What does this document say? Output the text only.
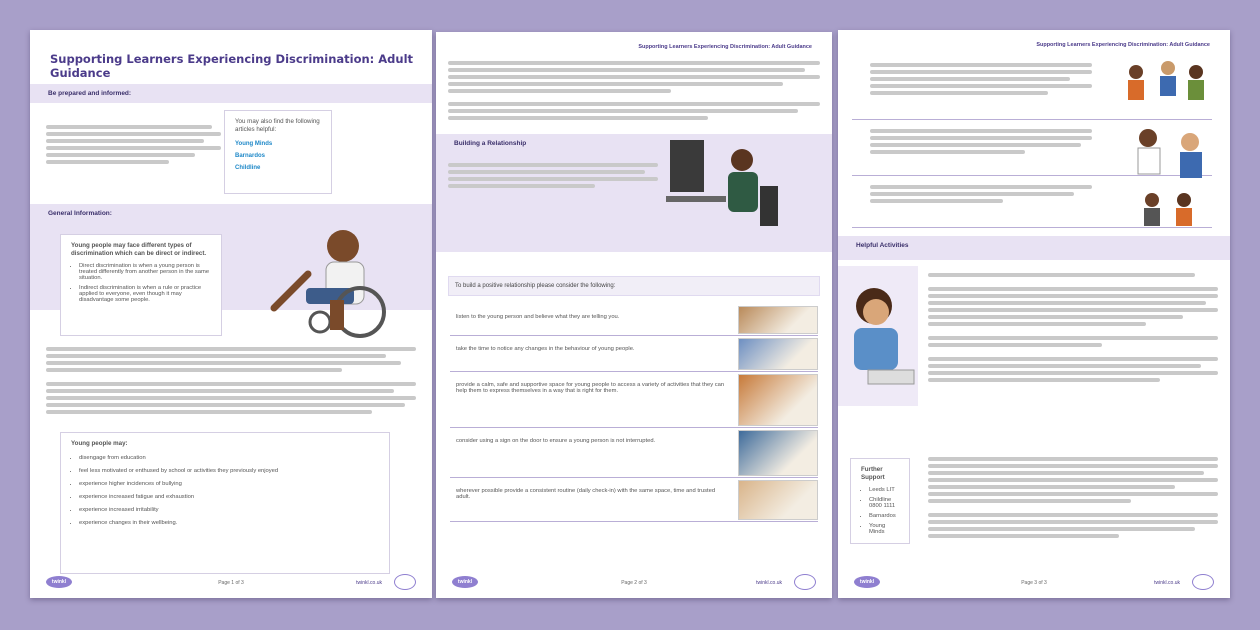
Supporting Learners Experiencing Discrimination: Adult Guidance
Be prepared and informed:
You may also find the following articles helpful:
Young Minds
Barnardos
Childline
General Information:
Young people may face different types of discrimination which can be direct or indirect.
• Direct discrimination is when a young person is treated differently from another person in the same situation.
• Indirect discrimination is when a rule or practice applied to everyone, even though it may disadvantage some people.
Young people may:
• disengage from education
• feel less motivated or enthused by school or activities they previously enjoyed
• experience higher incidences of bullying
• experience increased fatigue and exhaustion
• experience increased irritability
• experience changes in their wellbeing.
twinkl	Page 1 of 3	twinkl.co.uk
Supporting Learners Experiencing Discrimination: Adult Guidance
Building a Relationship
To build a positive relationship please consider the following:
listen to the young person and believe what they are telling you.
take the time to notice any changes in the behaviour of young people.
provide a calm, safe and supportive space for young people to access a variety of activities that they can help them to express themselves in a way that is right for them.
consider using a sign on the door to ensure a young person is not interrupted.
wherever possible provide a consistent routine (daily check-in) with the same space, time and trusted adult.
twinkl	Page 2 of 3	twinkl.co.uk
Supporting Learners Experiencing Discrimination: Adult Guidance
Helpful Activities
Further Support
• Leeds LIT
• Childline 0800 1111
• Barnardos
• Young Minds
twinkl	Page 3 of 3	twinkl.co.uk
